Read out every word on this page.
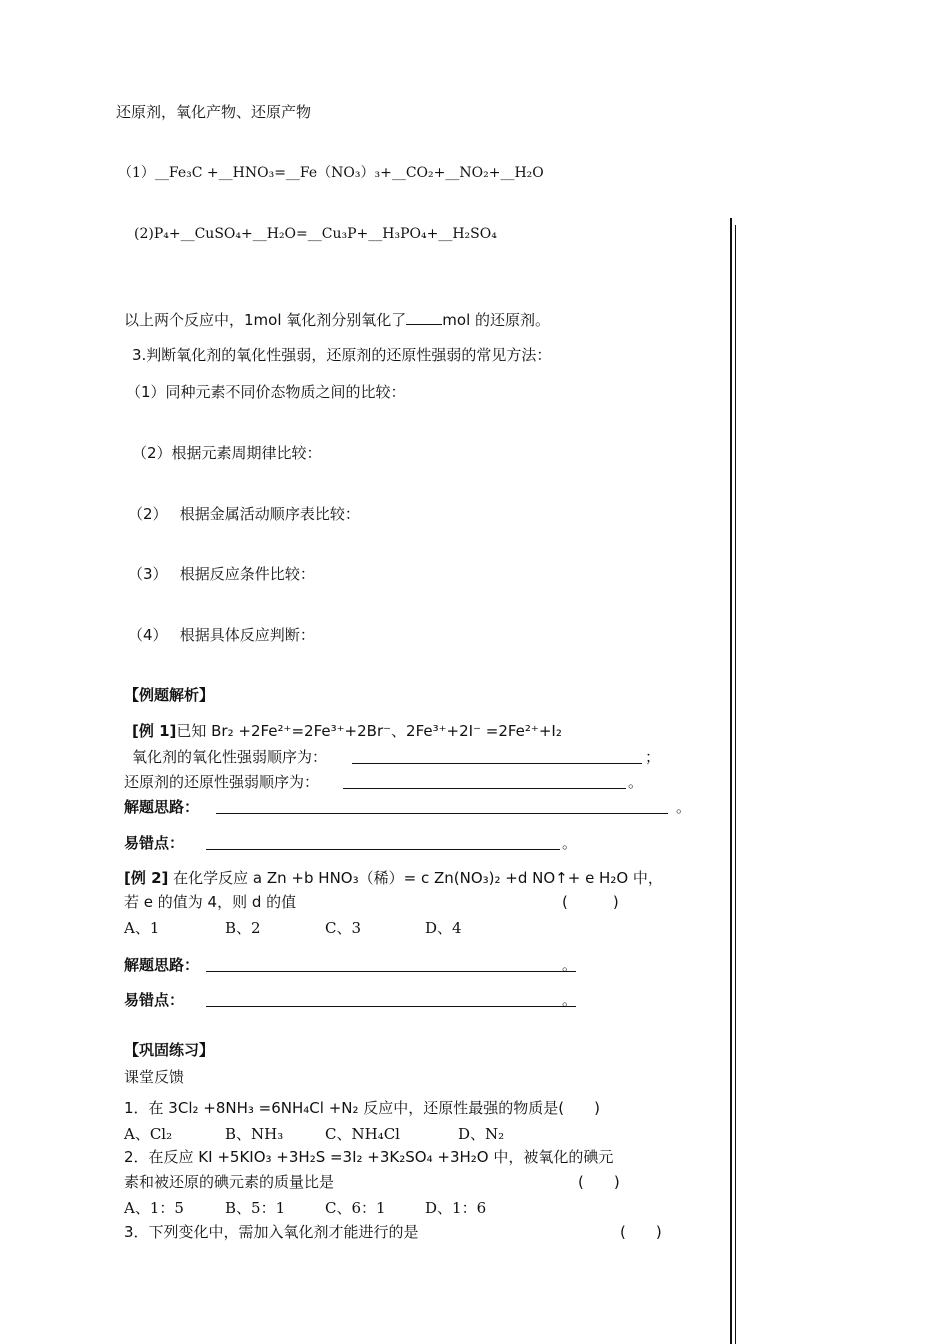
还原剂，氧化产物、还原产物
（1）__Fe₃C +__HNO₃=__Fe（NO₃）₃+__CO₂+__NO₂+__H₂O
(2)P₄+__CuSO₄+__H₂O=__Cu₃P+__H₃PO₄+__H₂SO₄
以上两个反应中，1mol 氧化剂分别氧化了 mol 的还原剂。
3.判断氧化剂的氧化性强弱，还原剂的还原性强弱的常见方法：
（1）同种元素不同价态物质之间的比较：
（2）根据元素周期律比较：
（2）　 根据金属活动顺序表比较：
（3）　 根据反应条件比较：
（4）　 根据具体反应判断：
【例题解析】
[例 1]已知 Br₂ +2Fe²⁺=2Fe³⁺+2Br⁻、2Fe³⁺+2I⁻ =2Fe²⁺+I₂
氧化剂的氧化性强弱顺序为：	；
还原剂的还原性强弱顺序为：	。
解题思路：	。
易错点：	。
[例 2] 在化学反应 a Zn +b HNO₃（稀）= c Zn(NO₃)₂ +d NO↑+ e H₂O 中，
若 e 的值为 4，则 d 的值	(　　　)
A、1	B、2	C、3	D、4
解题思路：	。
易错点：	。
【巩固练习】
课堂反馈
1．在 3Cl₂ +8NH₃ =6NH₄Cl +N₂ 反应中，还原性最强的物质是(　　)
A、Cl₂	B、NH₃	C、NH₄Cl	D、N₂
2．在反应 KI +5KIO₃ +3H₂S =3I₂ +3K₂SO₄ +3H₂O 中，被氧化的碘元
素和被还原的碘元素的质量比是	(　　)
A、1：5	B、5：1	C、6：1	D、1：6
3．下列变化中，需加入氧化剂才能进行的是	(　　)
